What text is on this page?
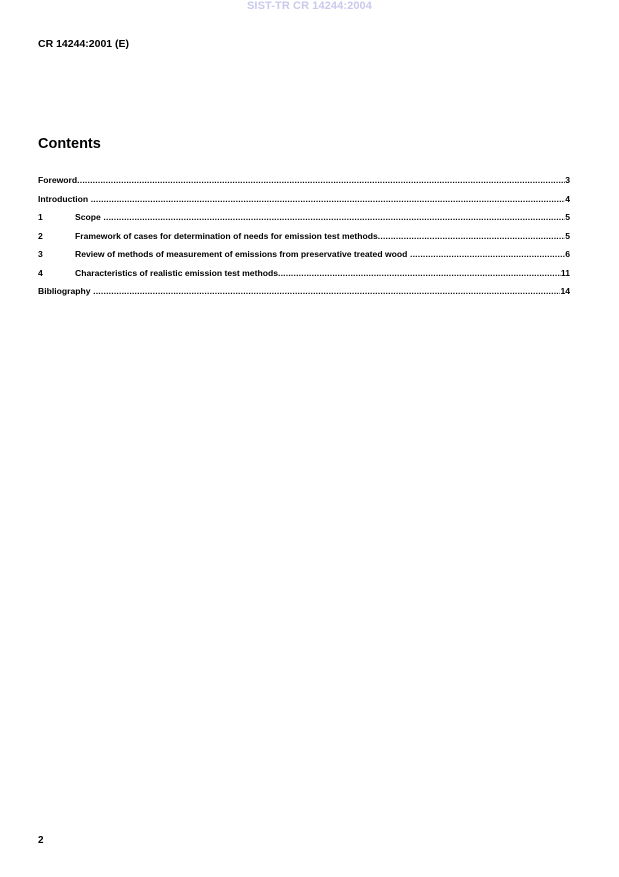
SIST-TR CR 14244:2004
CR 14244:2001 (E)
Contents
Foreword .....	3
Introduction .....	4
1	Scope .....	5
2	Framework of cases for determination of needs for emission test methods .....	5
3	Review of methods of measurement of emissions from preservative treated wood .....	6
4	Characteristics of realistic emission test methods .....	11
Bibliography .....	14
2
